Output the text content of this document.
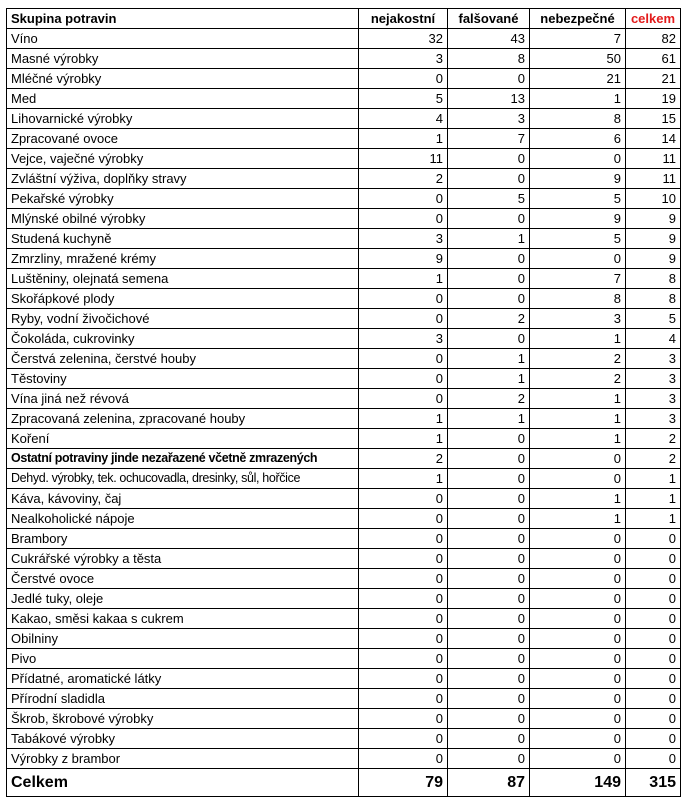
Skupina potravin	nejakostní	falšované	nebezpečné	celkem
Víno	32	43	7	82
Masné výrobky	3	8	50	61
Mléčné výrobky	0	0	21	21
Med	5	13	1	19
Lihovarnické výrobky	4	3	8	15
Zpracované ovoce	1	7	6	14
Vejce, vaječné výrobky	11	0	0	11
Zvláštní výživa, doplňky stravy	2	0	9	11
Pekařské výrobky	0	5	5	10
Mlýnské obilné výrobky	0	0	9	9
Studená kuchyně	3	1	5	9
Zmrzliny, mražené krémy	9	0	0	9
Luštěniny, olejnatá semena	1	0	7	8
Skořápkové plody	0	0	8	8
Ryby, vodní živočichové	0	2	3	5
Čokoláda, cukrovinky	3	0	1	4
Čerstvá zelenina, čerstvé houby	0	1	2	3
Těstoviny	0	1	2	3
Vína jiná než révová	0	2	1	3
Zpracovaná zelenina, zpracované houby	1	1	1	3
Koření	1	0	1	2
Ostatní potraviny jinde nezařazené včetně zmrazených	2	0	0	2
Dehyd. výrobky, tek. ochucovadla, dresinky, sůl, hořčice	1	0	0	1
Káva, kávoviny, čaj	0	0	1	1
Nealkoholické nápoje	0	0	1	1
Brambory	0	0	0	0
Cukrářské výrobky a těsta	0	0	0	0
Čerstvé ovoce	0	0	0	0
Jedlé tuky, oleje	0	0	0	0
Kakao, směsi kakaa s cukrem	0	0	0	0
Obilniny	0	0	0	0
Pivo	0	0	0	0
Přídatné, aromatické látky	0	0	0	0
Přírodní sladidla	0	0	0	0
Škrob, škrobové výrobky	0	0	0	0
Tabákové výrobky	0	0	0	0
Výrobky z brambor	0	0	0	0
Celkem	79	87	149	315
